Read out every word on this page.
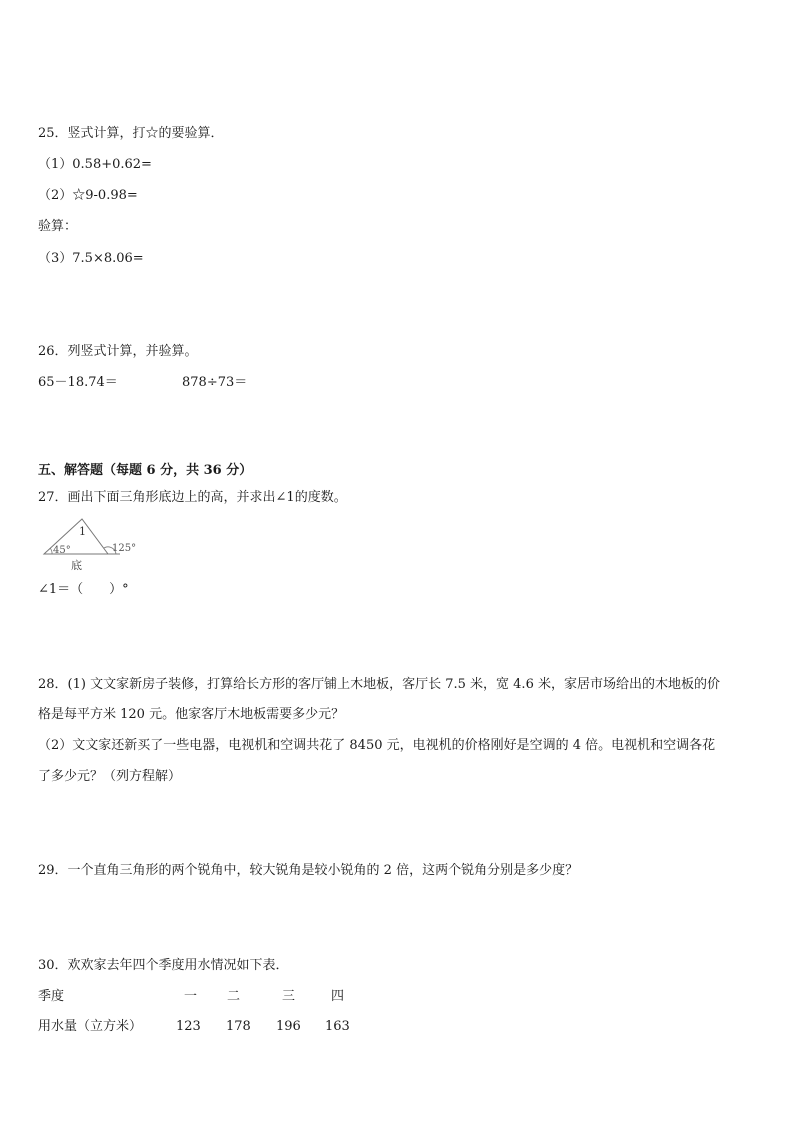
25．竖式计算，打☆的要验算．
（1）0.58+0.62=
（2）☆9-0.98=
验算：
（3）7.5×8.06=
26．列竖式计算，并验算。
65－18.74＝	878÷73＝
五、解答题（每题 6 分，共 36 分）
27．画出下面三角形底边上的高，并求出∠1的度数。
1
45°	125°
底
∠1＝（　　）°
28．(1) 文文家新房子装修，打算给长方形的客厅铺上木地板，客厅长 7.5 米，宽 4.6 米，家居市场给出的木地板的价
格是每平方米 120 元。他家客厅木地板需要多少元？
（2）文文家还新买了一些电器，电视机和空调共花了 8450 元，电视机的价格刚好是空调的 4 倍。电视机和空调各花
了多少元？（列方程解）
29．一个直角三角形的两个锐角中，较大锐角是较小锐角的 2 倍，这两个锐角分别是多少度？
30．欢欢家去年四个季度用水情况如下表．
季度	一 二	三	四
用水量（立方米）	123 178 196 163
